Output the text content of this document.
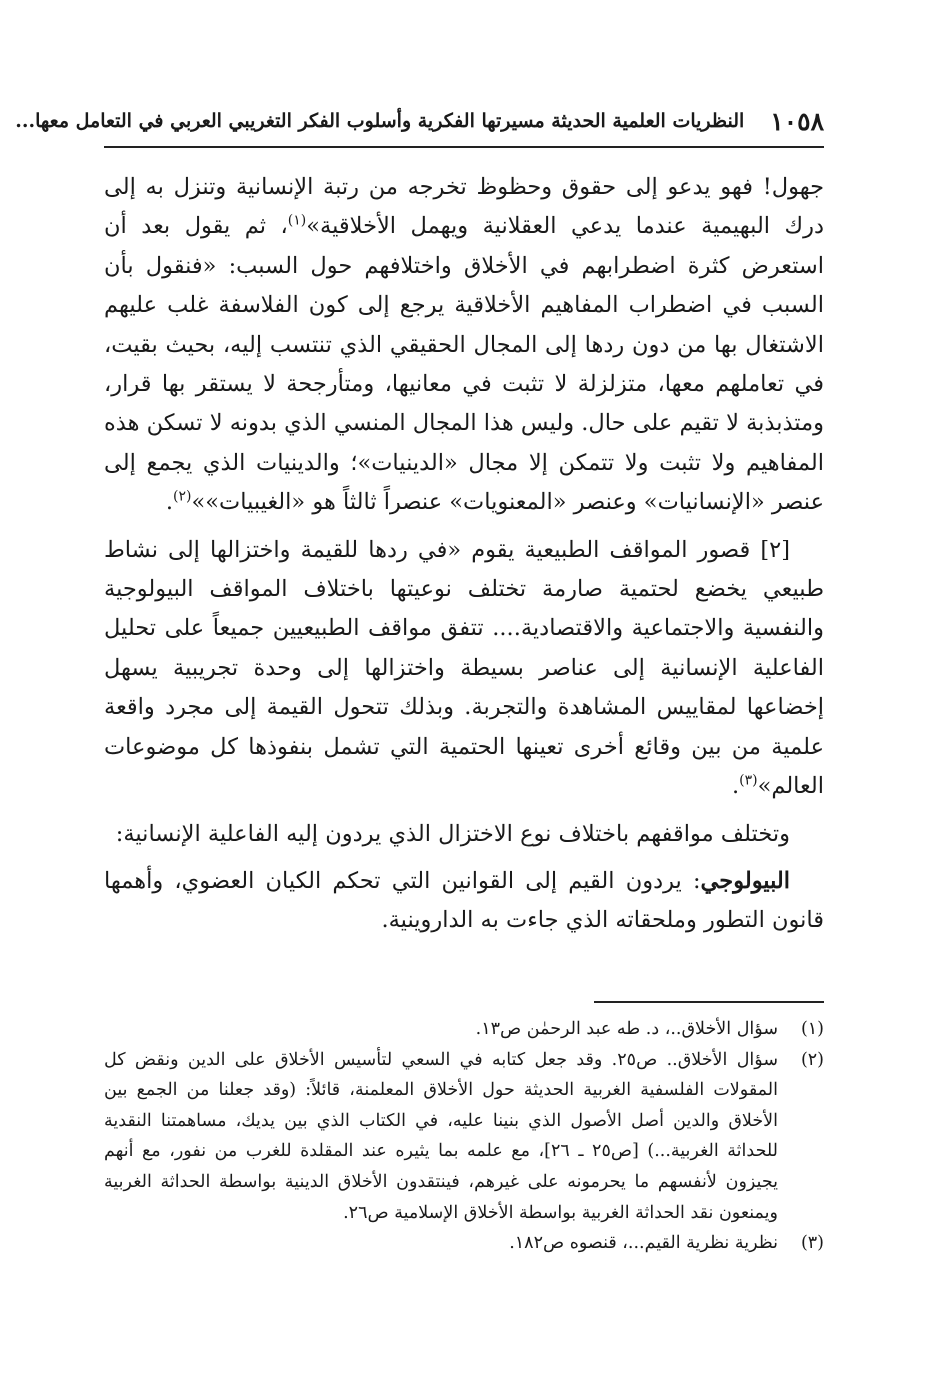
١٠٥٨
النظريات العلمية الحديثة مسيرتها الفكرية وأسلوب الفكر التغريبي العربي في التعامل معها...

جهول! فهو يدعو إلى حقوق وحظوظ تخرجه من رتبة الإنسانية وتنزل به إلى درك البهيمية عندما يدعي العقلانية ويهمل الأخلاقية»$^{(١)}$، ثم يقول بعد أن استعرض كثرة اضطرابهم في الأخلاق واختلافهم حول السبب: «فنقول بأن السبب في اضطراب المفاهيم الأخلاقية يرجع إلى كون الفلاسفة غلب عليهم الاشتغال بها من دون ردها إلى المجال الحقيقي الذي تنتسب إليه، بحيث بقيت، في تعاملهم معها، متزلزلة لا تثبت في معانيها، ومتأرجحة لا يستقر بها قرار، ومتذبذبة لا تقيم على حال. وليس هذا المجال المنسي الذي بدونه لا تسكن هذه المفاهيم ولا تثبت ولا تتمكن إلا مجال «الدينيات»؛ والدينيات الذي يجمع إلى عنصر «الإنسانيات» وعنصر «المعنويات» عنصراً ثالثاً هو «الغيبيات»»$^{(٢)}$.

[٢] قصور المواقف الطبيعية يقوم «في ردها للقيمة واختزالها إلى نشاط طبيعي يخضع لحتمية صارمة تختلف نوعيتها باختلاف المواقف البيولوجية والنفسية والاجتماعية والاقتصادية.... تتفق مواقف الطبيعيين جميعاً على تحليل الفاعلية الإنسانية إلى عناصر بسيطة واختزالها إلى وحدة تجريبية يسهل إخضاعها لمقاييس المشاهدة والتجربة. وبذلك تتحول القيمة إلى مجرد واقعة علمية من بين وقائع أخرى تعينها الحتمية التي تشمل بنفوذها كل موضوعات العالم»$^{(٣)}$.

وتختلف مواقفهم باختلاف نوع الاختزال الذي يردون إليه الفاعلية الإنسانية:

البيولوجي: يردون القيم إلى القوانين التي تحكم الكيان العضوي، وأهمها قانون التطور وملحقاته الذي جاءت به الداروينية.

(١)
سؤال الأخلاق..، د. طه عبد الرحمٰن ص١٣.
(٢)
سؤال الأخلاق.. ص٢٥. وقد جعل كتابه في السعي لتأسيس الأخلاق على الدين ونقض كل المقولات الفلسفية الغربية الحديثة حول الأخلاق المعلمنة، قائلاً: (وقد جعلنا من الجمع بين الأخلاق والدين أصل الأصول الذي بنينا عليه، في الكتاب الذي بين يديك، مساهمتنا النقدية للحداثة الغربية...) [ص٢٥ ـ ٢٦]، مع علمه بما يثيره عند المقلدة للغرب من نفور، مع أنهم يجيزون لأنفسهم ما يحرمونه على غيرهم، فينتقدون الأخلاق الدينية بواسطة الحداثة الغربية ويمنعون نقد الحداثة الغربية بواسطة الأخلاق الإسلامية ص٢٦.
(٣)
نظرية نظرية القيم...، قنصوه ص١٨٢.
